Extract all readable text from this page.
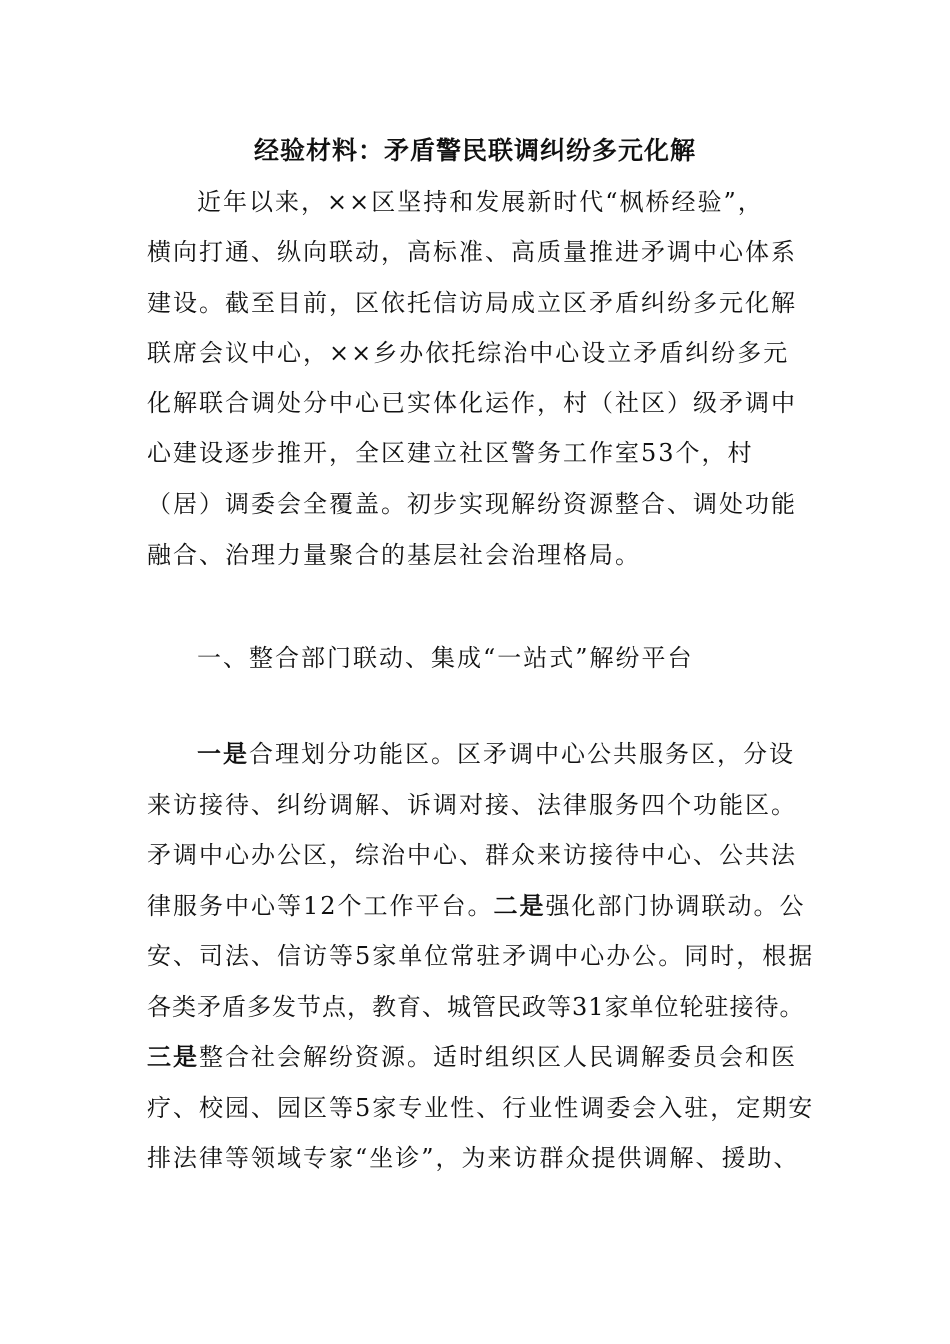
经验材料：矛盾警民联调纠纷多元化解
近年以来，××区坚持和发展新时代“枫桥经验”，
横向打通、纵向联动，高标准、高质量推进矛调中心体系
建设。截至目前，区依托信访局成立区矛盾纠纷多元化解
联席会议中心，××乡办依托综治中心设立矛盾纠纷多元
化解联合调处分中心已实体化运作，村（社区）级矛调中
心建设逐步推开，全区建立社区警务工作室53个，村
（居）调委会全覆盖。初步实现解纷资源整合、调处功能
融合、治理力量聚合的基层社会治理格局。
一、整合部门联动、集成“一站式”解纷平台
一是合理划分功能区。区矛调中心公共服务区，分设
来访接待、纠纷调解、诉调对接、法律服务四个功能区。
矛调中心办公区，综治中心、群众来访接待中心、公共法
律服务中心等12个工作平台。二是强化部门协调联动。公
安、司法、信访等5家单位常驻矛调中心办公。同时，根据
各类矛盾多发节点，教育、城管民政等31家单位轮驻接待。
三是整合社会解纷资源。适时组织区人民调解委员会和医
疗、校园、园区等5家专业性、行业性调委会入驻，定期安
排法律等领域专家“坐诊”，为来访群众提供调解、援助、
